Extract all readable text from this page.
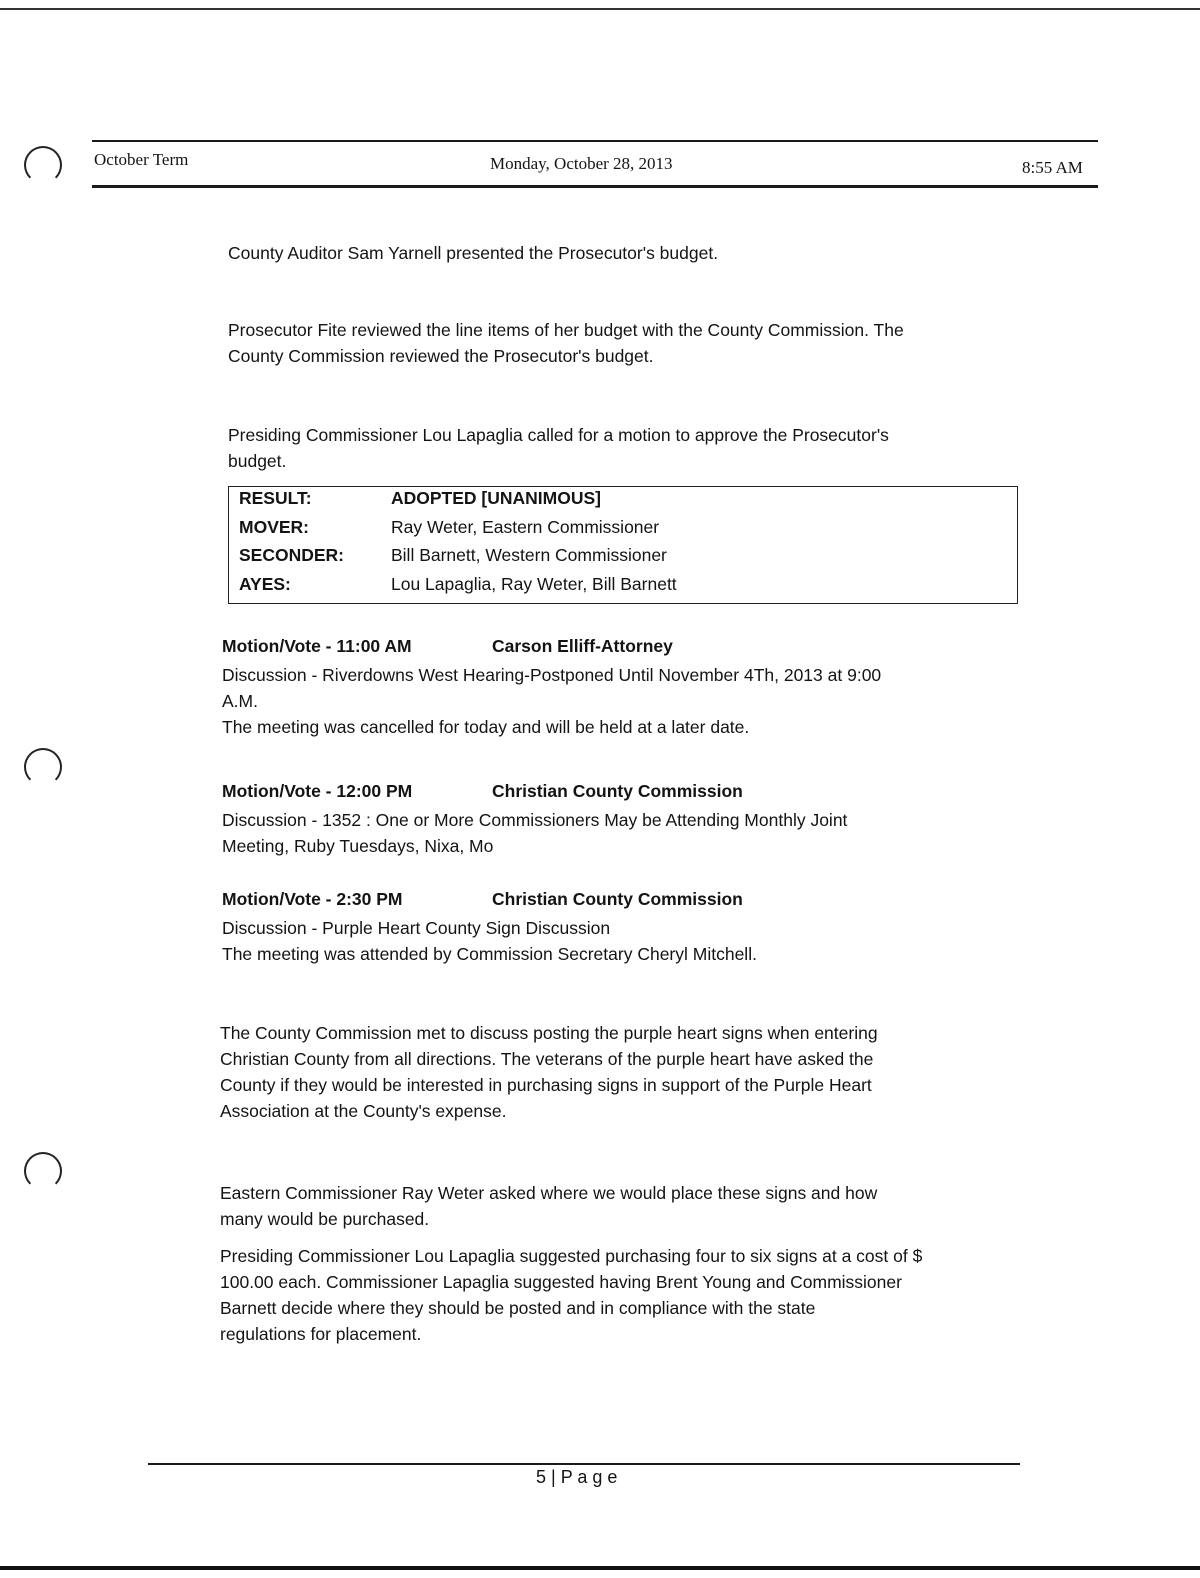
October Term	Monday, October 28, 2013	8:55 AM
County Auditor Sam Yarnell presented the Prosecutor's budget.
Prosecutor Fite reviewed the line items of her budget with the County Commission. The
County Commission reviewed the Prosecutor's budget.
Presiding Commissioner Lou Lapaglia called for a motion to approve the Prosecutor's
budget.
RESULT:	ADOPTED [UNANIMOUS]
MOVER:	Ray Weter, Eastern Commissioner
SECONDER:	Bill Barnett, Western Commissioner
AYES:	Lou Lapaglia, Ray Weter, Bill Barnett
Motion/Vote - 11:00 AM	Carson Elliff-Attorney
Discussion - Riverdowns West Hearing-Postponed Until November 4Th, 2013 at 9:00
A.M.
The meeting was cancelled for today and will be held at a later date.
Motion/Vote - 12:00 PM	Christian County Commission
Discussion - 1352 : One or More Commissioners May be Attending Monthly Joint
Meeting, Ruby Tuesdays, Nixa, Mo
Motion/Vote - 2:30 PM	Christian County Commission
Discussion - Purple Heart County Sign Discussion
The meeting was attended by Commission Secretary Cheryl Mitchell.
The County Commission met to discuss posting the purple heart signs when entering
Christian County from all directions. The veterans of the purple heart have asked the
County if they would be interested in purchasing signs in support of the Purple Heart
Association at the County's expense.
Eastern Commissioner Ray Weter asked where we would place these signs and how
many would be purchased.
Presiding Commissioner Lou Lapaglia suggested purchasing four to six signs at a cost of $
100.00 each. Commissioner Lapaglia suggested having Brent Young and Commissioner
Barnett decide where they should be posted and in compliance with the state
regulations for placement.
5 | P a g e
